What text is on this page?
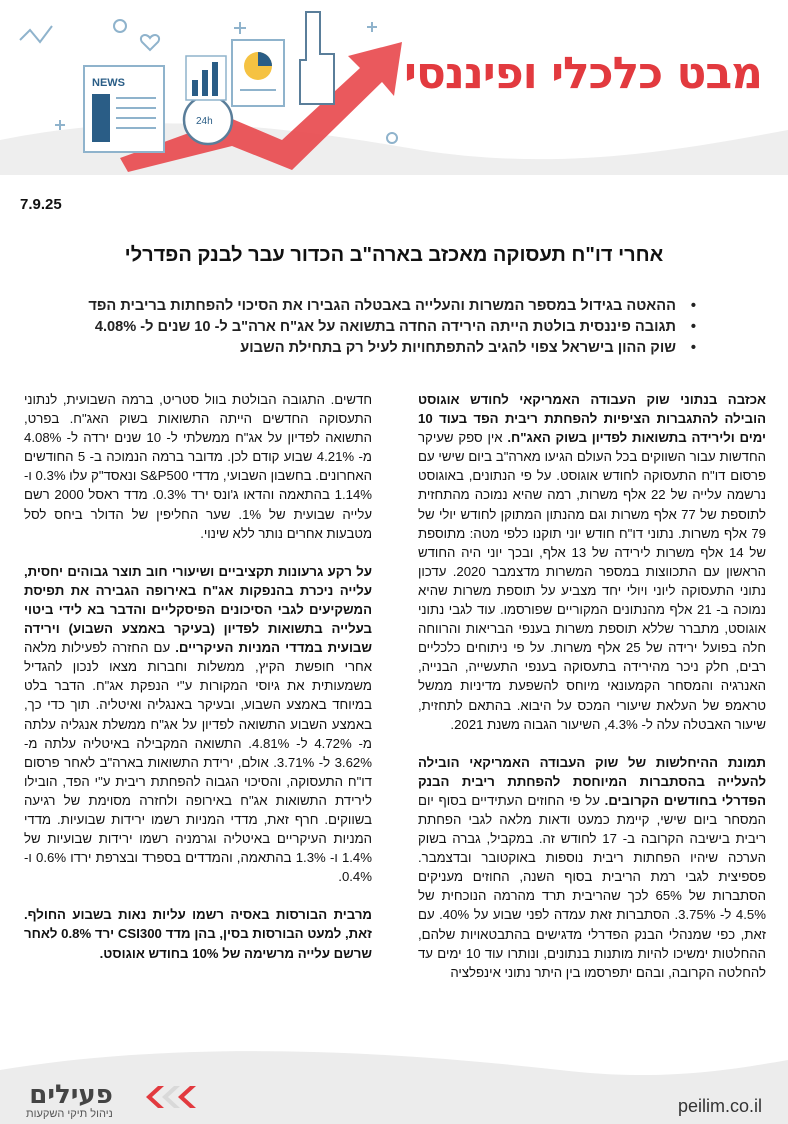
NEWS
24h
מבט כלכלי ופיננסי
7.9.25
אחרי דו"ח תעסוקה מאכזב בארה"ב הכדור עבר לבנק הפדרלי
• ההאטה בגידול במספר המשרות והעלייה באבטלה הגבירו את הסיכוי להפחתות בריבית הפד
• תגובה פיננסית בולטת הייתה הירידה החדה בתשואה על אג"ח ארה"ב ל- 10 שנים ל- 4.08%
• שוק ההון בישראל צפוי להגיב להתפתחויות לעיל רק בתחילת השבוע

אכזבה בנתוני שוק העבודה האמריקאי לחודש אוגוסט הובילה להתגברות הציפיות להפחתת ריבית הפד בעוד 10 ימים ולירידה בתשואות לפדיון בשוק האג"ח. אין ספק שעיקר החדשות עבור השווקים בכל העולם הגיעו מארה"ב ביום שישי עם פרסום דו"ח התעסוקה לחודש אוגוסט. על פי הנתונים, באוגוסט נרשמה עלייה של 22 אלף משרות, רמה שהיא נמוכה מהתחזית לתוספת של 77 אלף משרות וגם מהנתון המתוקן לחודש יולי של 79 אלף משרות. נתוני דו"ח חודש יוני תוקנו כלפי מטה: מתוספת של 14 אלף משרות לירידה של 13 אלף, ובכך יוני היה החודש הראשון עם התכווצות במספר המשרות מדצמבר 2020. עדכון נתוני התעסוקה ליוני ויולי יחד מצביע על תוספת משרות שהיא נמוכה ב- 21 אלף מהנתונים המקוריים שפורסמו. עוד לגבי נתוני אוגוסט, מתברר שללא תוספת משרות בענפי הבריאות והרווחה חלה בפועל ירידה של 25 אלף משרות. על פי ניתוחים כלכליים רבים, חלק ניכר מהירידה בתעסוקה בענפי התעשייה, הבנייה, האנרגיה והמסחר הקמעונאי מיוחס להשפעת מדיניות ממשל טראמפ של העלאת שיעורי המכס על היבוא. בהתאם לתחזית, שיעור האבטלה עלה ל- 4.3%, השיעור הגבוה משנת 2021.

תמונת ההיחלשות של שוק העבודה האמריקאי הובילה להעלייה בהסתברות המיוחסת להפחתת ריבית הבנק הפדרלי בחודשים הקרובים. על פי החוזים העתידיים בסוף יום המסחר ביום שישי, קיימת כמעט ודאות מלאה לגבי הפחתת ריבית בישיבה הקרובה ב- 17 לחודש זה. במקביל, גברה בשוק הערכה שיהיו הפחתות ריבית נוספות באוקטובר ובדצמבר. פספיצית לגבי רמת הריבית בסוף השנה, החוזים מעניקים הסתברות של 65% לכך שהריבית תרד מהרמה הנוכחית של 4.5% ל- 3.75%. הסתברות זאת עמדה לפני שבוע על 40%. עם זאת, כפי שמנהלי הבנק הפדרלי מדגישים בהתבטאויות שלהם, ההחלטות ימשיכו להיות מותנות בנתונים, ונותרו עוד 10 ימים עד להחלטה הקרובה, ובהם יתפרסמו בין היתר נתוני אינפלציה

חדשים. התגובה הבולטת בוול סטריט, ברמה השבועית, לנתוני התעסוקה החדשים הייתה התשואות בשוק האג"ח. בפרט, התשואה לפדיון על אג"ח ממשלתי ל- 10 שנים ירדה ל- 4.08% מ- 4.21% שבוע קודם לכן. מדובר ברמה הנמוכה ב- 5 החודשים האחרונים. בחשבון השבועי, מדדי S&P500 ונאסד"ק עלו 0.3% ו- 1.14% בהתאמה והדאו ג'ונס ירד 0.3%. מדד ראסל 2000 רשם עלייה שבועית של 1%. שער החליפין של הדולר ביחס לסל מטבעות אחרים נותר ללא שינוי.

על רקע גרעונות תקציביים ושיעורי חוב תוצר גבוהים יחסית, עלייה ניכרת בהנפקות אג"ח באירופה הגבירה את תפיסת המשקיעים לגבי הסיכונים הפיסקליים והדבר בא לידי ביטוי בעלייה בתשואות לפדיון (בעיקר באמצע השבוע) וירידה שבועית במדדי המניות העיקריים. עם החזרה לפעילות מלאה אחרי חופשת הקיץ, ממשלות וחברות מצאו לנכון להגדיל משמעותית את גיוסי המקורות ע"י הנפקת אג"ח. הדבר בלט במיוחד באמצע השבוע, ובעיקר באנגליה ואיטליה. תוך כדי כך, באמצע השבוע התשואה לפדיון על אג"ח ממשלת אנגליה עלתה מ- 4.72% ל- 4.81%. התשואה המקבילה באיטליה עלתה מ- 3.62% ל- 3.71%. אולם, ירידת התשואות בארה"ב לאחר פרסום דו"ח התעסוקה, והסיכוי הגבוה להפחתת ריבית ע"י הפד, הובילו לירידת התשואות אג"ח באירופה ולחזרה מסוימת של רגיעה בשווקים. חרף זאת, מדדי המניות רשמו ירידות שבועיות. מדדי המניות העיקריים באיטליה וגרמניה רשמו ירידות שבועיות של 1.4% ו- 1.3% בהתאמה, והמדדים בספרד ובצרפת ירדו 0.6% ו- 0.4%.

מרבית הבורסות באסיה רשמו עליות נאות בשבוע החולף. זאת, למעט הבורסות בסין, בהן מדד CSI300 ירד 0.8% לאחר שרשם עלייה מרשימה של 10% בחודש אוגוסט.

פעילים
ניהול תיקי השקעות	peilim.co.il
